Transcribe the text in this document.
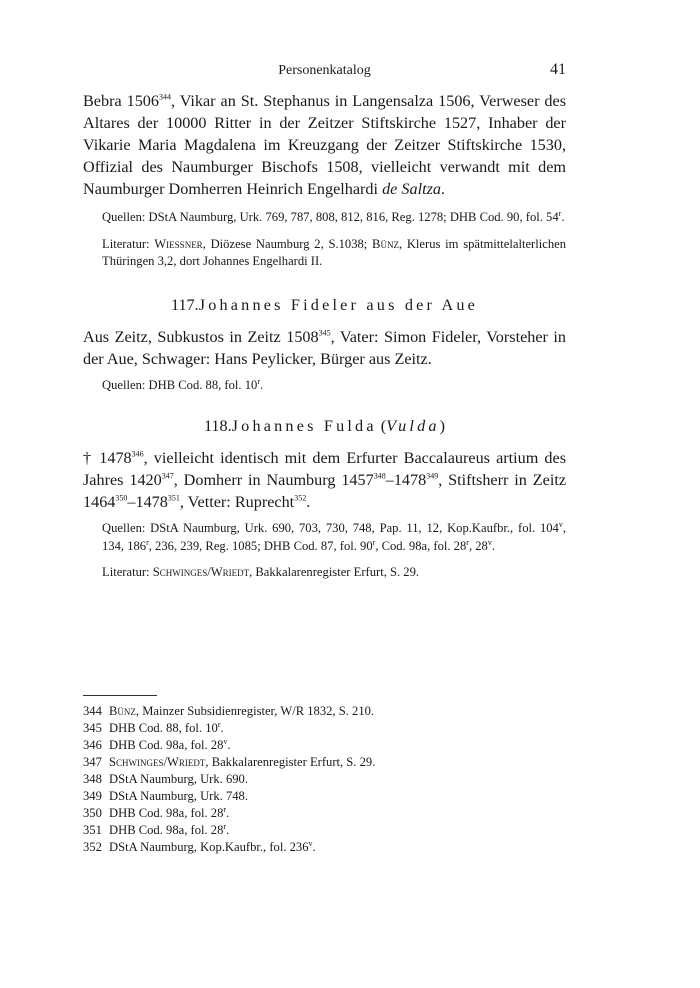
Personenkatalog	41

Bebra 1506$^{344}$, Vikar an St. Stephanus in Langensalza 1506, Verweser des Altares der 10000 Ritter in der Zeitzer Stiftskirche 1527, Inhaber der Vikarie Maria Magdalena im Kreuzgang der Zeitzer Stiftskirche 1530, Offizial des Naumburger Bischofs 1508, vielleicht verwandt mit dem Naumburger Domherren Heinrich Engelhardi de Saltza.

Quellen: DStA Naumburg, Urk. 769, 787, 808, 812, 816, Reg. 1278; DHB Cod. 90, fol. 54$^r$.

Literatur: Wießner, Diözese Naumburg 2, S.1038; Bünz, Klerus im spätmittelalterlichen Thüringen 3,2, dort Johannes Engelhardi II.

117.Johannes Fideler aus der Aue

Aus Zeitz, Subkustos in Zeitz 1508$^{345}$, Vater: Simon Fideler, Vorsteher in der Aue, Schwager: Hans Peylicker, Bürger aus Zeitz.

Quellen: DHB Cod. 88, fol. 10$^r$.

118.Johannes Fulda (Vulda)

† 1478$^{346}$, vielleicht identisch mit dem Erfurter Baccalaureus artium des Jahres 1420$^{347}$, Domherr in Naumburg 1457$^{348}$–1478$^{349}$, Stiftsherr in Zeitz 1464$^{350}$–1478$^{351}$, Vetter: Ruprecht$^{352}$.

Quellen: DStA Naumburg, Urk. 690, 703, 730, 748, Pap. 11, 12, Kop.Kaufbr., fol. 104$^v$, 134, 186$^r$, 236, 239, Reg. 1085; DHB Cod. 87, fol. 90$^r$, Cod. 98a, fol. 28$^r$, 28$^v$.

Literatur: Schwinges/Wriedt, Bakkalarenregister Erfurt, S. 29.

344 Bünz, Mainzer Subsidienregister, W/R 1832, S. 210.
345 DHB Cod. 88, fol. 10$^r$.
346 DHB Cod. 98a, fol. 28$^v$.
347 Schwinges/Wriedt, Bakkalarenregister Erfurt, S. 29.
348 DStA Naumburg, Urk. 690.
349 DStA Naumburg, Urk. 748.
350 DHB Cod. 98a, fol. 28$^r$.
351 DHB Cod. 98a, fol. 28$^r$.
352 DStA Naumburg, Kop.Kaufbr., fol. 236$^v$.
